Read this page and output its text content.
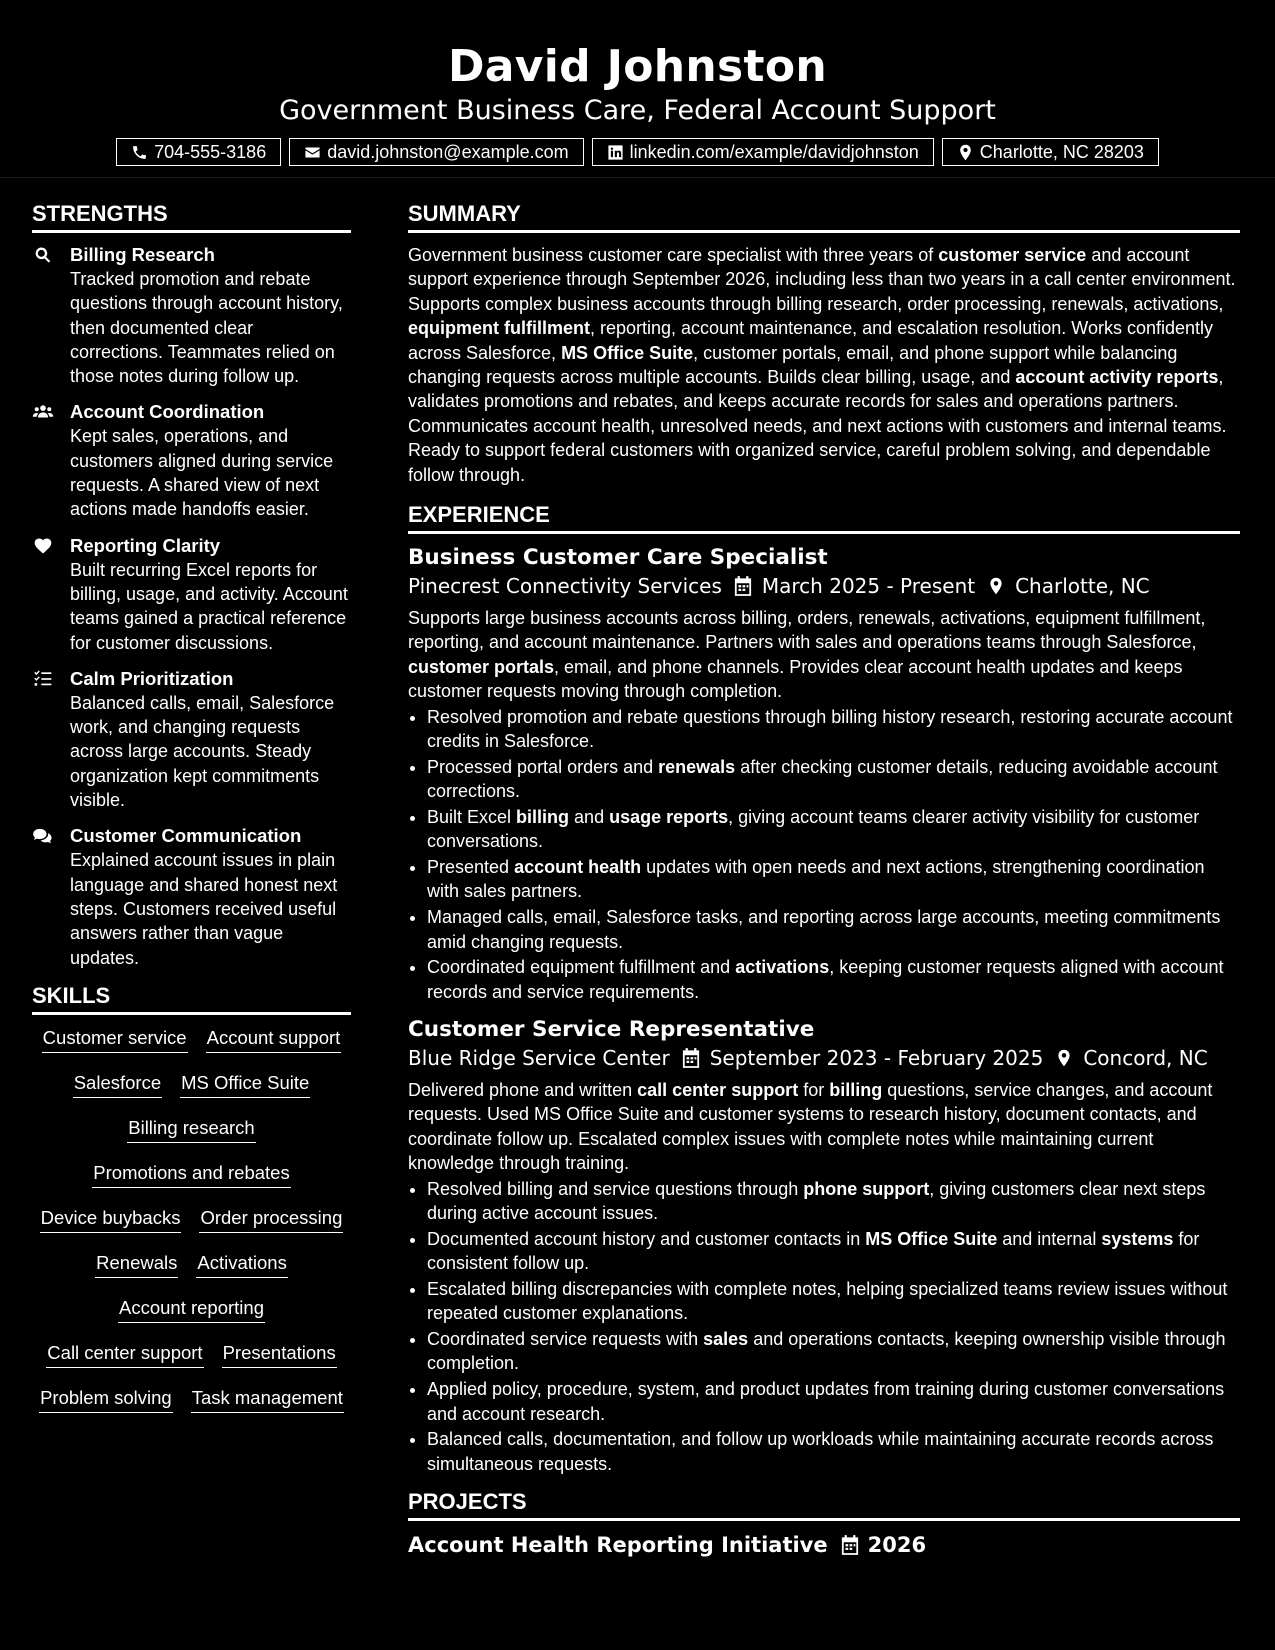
David Johnston
Government Business Care, Federal Account Support
704-555-3186	david.johnston@example.com	linkedin.com/example/davidjohnston	Charlotte, NC 28203
STRENGTHS
Billing Research
Tracked promotion and rebate questions through account history, then documented clear corrections. Teammates relied on those notes during follow up.
Account Coordination
Kept sales, operations, and customers aligned during service requests. A shared view of next actions made handoffs easier.
Reporting Clarity
Built recurring Excel reports for billing, usage, and activity. Account teams gained a practical reference for customer discussions.
Calm Prioritization
Balanced calls, email, Salesforce work, and changing requests across large accounts. Steady organization kept commitments visible.
Customer Communication
Explained account issues in plain language and shared honest next steps. Customers received useful answers rather than vague updates.
SKILLS
Customer service Account support
Salesforce MS Office Suite
Billing research
Promotions and rebates
Device buybacks Order processing
Renewals Activations
Account reporting
Call center support Presentations
Problem solving Task management
SUMMARY
Government business customer care specialist with three years of customer service and account support experience through September 2026, including less than two years in a call center environment. Supports complex business accounts through billing research, order processing, renewals, activations, equipment fulfillment, reporting, account maintenance, and escalation resolution. Works confidently across Salesforce, MS Office Suite, customer portals, email, and phone support while balancing changing requests across multiple accounts. Builds clear billing, usage, and account activity reports, validates promotions and rebates, and keeps accurate records for sales and operations partners. Communicates account health, unresolved needs, and next actions with customers and internal teams. Ready to support federal customers with organized service, careful problem solving, and dependable follow through.
EXPERIENCE
Business Customer Care Specialist
Pinecrest Connectivity Services March 2025 - Present Charlotte, NC
Supports large business accounts across billing, orders, renewals, activations, equipment fulfillment, reporting, and account maintenance. Partners with sales and operations teams through Salesforce, customer portals, email, and phone channels. Provides clear account health updates and keeps customer requests moving through completion.
• Resolved promotion and rebate questions through billing history research, restoring accurate account credits in Salesforce.
• Processed portal orders and renewals after checking customer details, reducing avoidable account corrections.
• Built Excel billing and usage reports, giving account teams clearer activity visibility for customer conversations.
• Presented account health updates with open needs and next actions, strengthening coordination with sales partners.
• Managed calls, email, Salesforce tasks, and reporting across large accounts, meeting commitments amid changing requests.
• Coordinated equipment fulfillment and activations, keeping customer requests aligned with account records and service requirements.
Customer Service Representative
Blue Ridge Service Center September 2023 - February 2025 Concord, NC
Delivered phone and written call center support for billing questions, service changes, and account requests. Used MS Office Suite and customer systems to research history, document contacts, and coordinate follow up. Escalated complex issues with complete notes while maintaining current knowledge through training.
• Resolved billing and service questions through phone support, giving customers clear next steps during active account issues.
• Documented account history and customer contacts in MS Office Suite and internal systems for consistent follow up.
• Escalated billing discrepancies with complete notes, helping specialized teams review issues without repeated customer explanations.
• Coordinated service requests with sales and operations contacts, keeping ownership visible through completion.
• Applied policy, procedure, system, and product updates from training during customer conversations and account research.
• Balanced calls, documentation, and follow up workloads while maintaining accurate records across simultaneous requests.
PROJECTS
Account Health Reporting Initiative 2026
